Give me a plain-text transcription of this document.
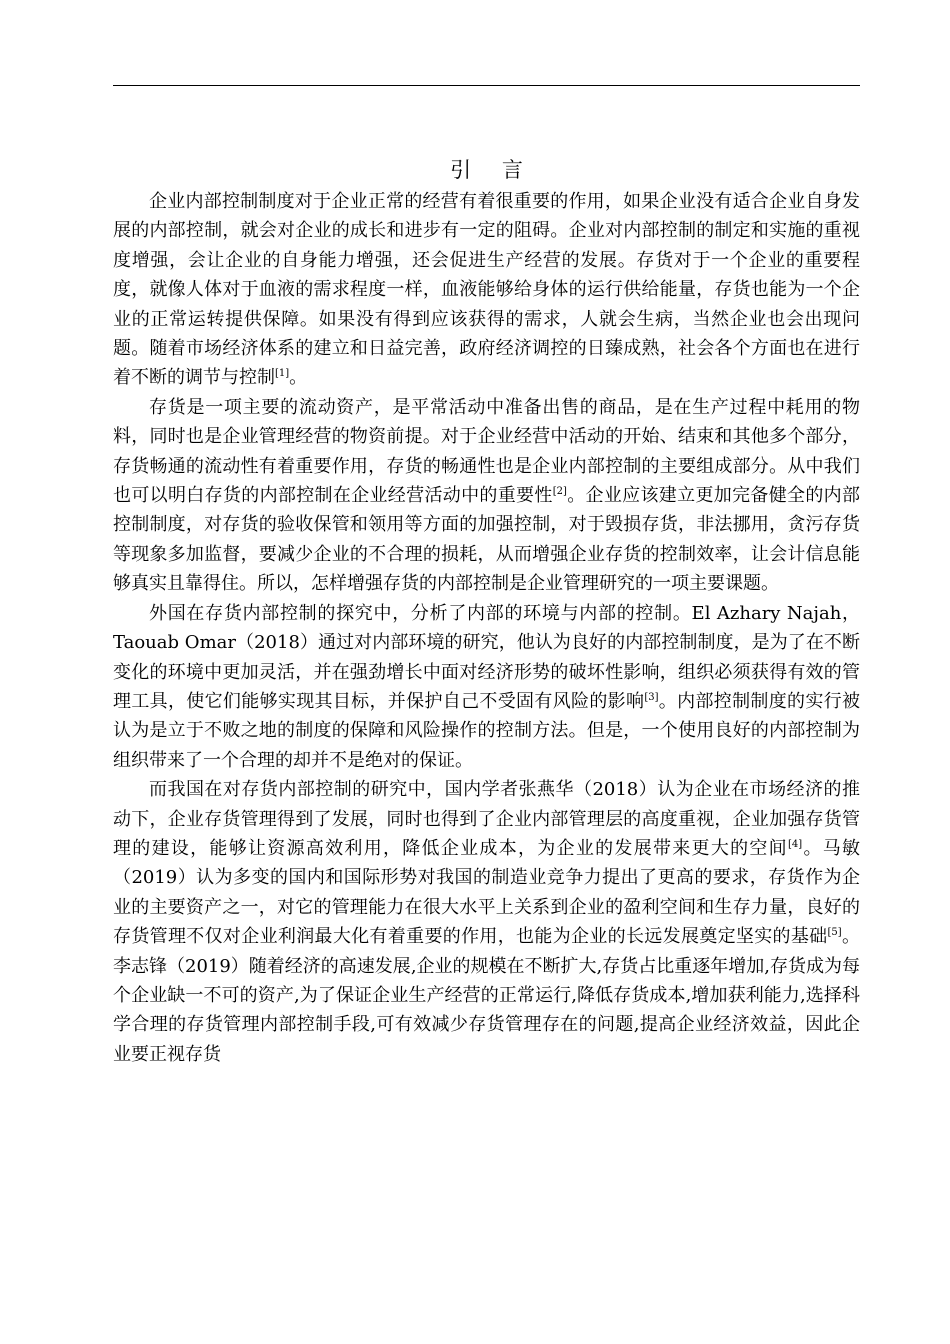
引 言

企业内部控制制度对于企业正常的经营有着很重要的作用，如果企业没有适合企业自身发展的内部控制，就会对企业的成长和进步有一定的阻碍。企业对内部控制的制定和实施的重视度增强，会让企业的自身能力增强，还会促进生产经营的发展。存货对于一个企业的重要程度，就像人体对于血液的需求程度一样，血液能够给身体的运行供给能量，存货也能为一个企业的正常运转提供保障。如果没有得到应该获得的需求，人就会生病，当然企业也会出现问题。随着市场经济体系的建立和日益完善，政府经济调控的日臻成熟，社会各个方面也在进行着不断的调节与控制[1]。

存货是一项主要的流动资产，是平常活动中准备出售的商品，是在生产过程中耗用的物料，同时也是企业管理经营的物资前提。对于企业经营中活动的开始、结束和其他多个部分，存货畅通的流动性有着重要作用，存货的畅通性也是企业内部控制的主要组成部分。从中我们也可以明白存货的内部控制在企业经营活动中的重要性[2]。企业应该建立更加完备健全的内部控制制度，对存货的验收保管和领用等方面的加强控制，对于毁损存货，非法挪用，贪污存货等现象多加监督，要减少企业的不合理的损耗，从而增强企业存货的控制效率，让会计信息能够真实且靠得住。所以，怎样增强存货的内部控制是企业管理研究的一项主要课题。

外国在存货内部控制的探究中，分析了内部的环境与内部的控制。El Azhary Najah，Taouab Omar（2018）通过对内部环境的研究，他认为良好的内部控制制度，是为了在不断变化的环境中更加灵活，并在强劲增长中面对经济形势的破坏性影响，组织必须获得有效的管理工具，使它们能够实现其目标，并保护自己不受固有风险的影响[3]。内部控制制度的实行被认为是立于不败之地的制度的保障和风险操作的控制方法。但是，一个使用良好的内部控制为组织带来了一个合理的却并不是绝对的保证。

而我国在对存货内部控制的研究中，国内学者张燕华（2018）认为企业在市场经济的推动下，企业存货管理得到了发展，同时也得到了企业内部管理层的高度重视，企业加强存货管理的建设，能够让资源高效利用，降低企业成本，为企业的发展带来更大的空间[4]。马敏（2019）认为多变的国内和国际形势对我国的制造业竞争力提出了更高的要求，存货作为企业的主要资产之一，对它的管理能力在很大水平上关系到企业的盈利空间和生存力量，良好的存货管理不仅对企业利润最大化有着重要的作用，也能为企业的长远发展奠定坚实的基础[5]。李志锋（2019）随着经济的高速发展,企业的规模在不断扩大,存货占比重逐年增加,存货成为每个企业缺一不可的资产,为了保证企业生产经营的正常运行,降低存货成本,增加获利能力,选择科学合理的存货管理内部控制手段,可有效减少存货管理存在的问题,提高企业经济效益，因此企业要正视存货
